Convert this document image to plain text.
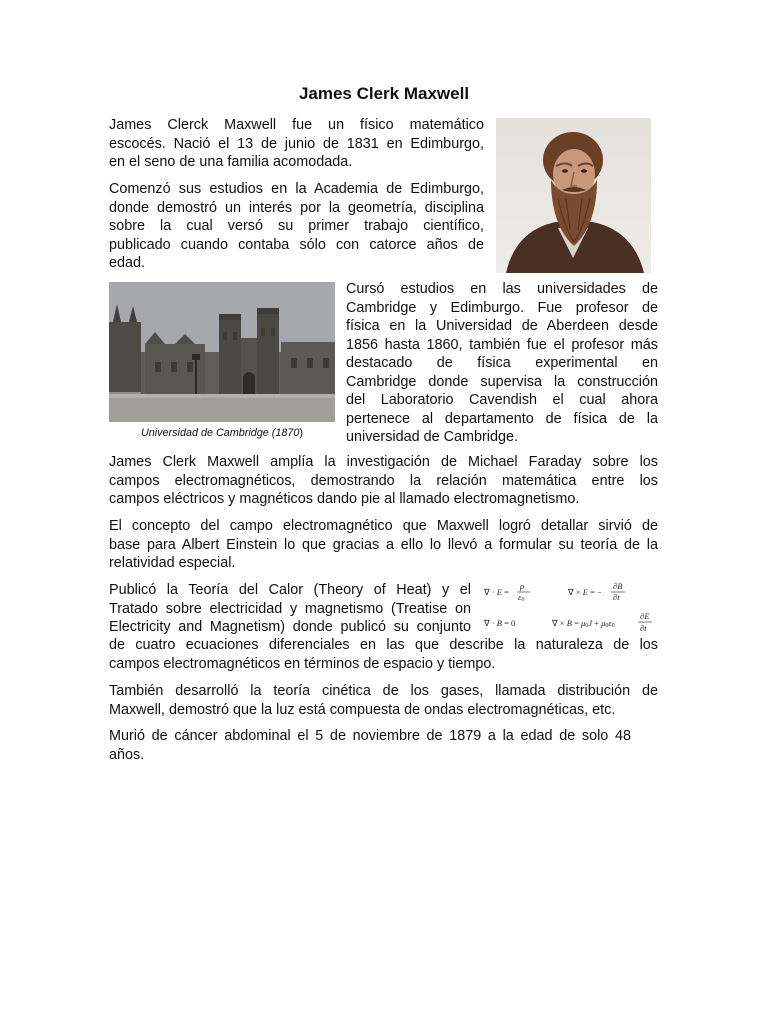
James Clerk Maxwell

James Clerck Maxwell fue un físico matemático
escocés. Nació el 13 de junio de 1831 en Edimburgo,
en el seno de una familia acomodada.

Comenzó sus estudios en la Academia de Edimburgo,
donde demostró un interés por la geometría, disciplina
sobre la cual versó su primer trabajo científico,
publicado cuando contaba sólo con catorce años de
edad.

Universidad de Cambridge (1870)

Cursó estudios en las universidades de
Cambridge y Edimburgo. Fue profesor de
física en la Universidad de Aberdeen desde
1856 hasta 1860, también fue el profesor más
destacado de física experimental en
Cambridge donde supervisa la construcción
del Laboratorio Cavendish el cual ahora
pertenece al departamento de física de la
universidad de Cambridge.

James Clerk Maxwell amplía la investigación de Michael Faraday sobre los
campos electromagnéticos, demostrando la relación matemática entre los
campos eléctricos y magnéticos dando pie al llamado electromagnetismo.

El concepto del campo electromagnético que Maxwell logró detallar sirvió de
base para Albert Einstein lo que gracias a ello lo llevó a formular su teoría de la
relatividad especial.

Publicó la Teoría del Calor (Theory of Heat) y el
Tratado sobre electricidad y magnetismo (Treatise on
Electricity and Magnetism) donde publicó su conjunto

de cuatro ecuaciones diferenciales en las que describe la naturaleza de los
campos electromagnéticos en términos de espacio y tiempo.

∇ · E =
ρ
ε0
∇ × E = −
∂B
∂t
∇ · B = 0	∇ × B = μ0J + μ0ε0
∂E
∂t

También desarrolló la teoría cinética de los gases, llamada distribución de
Maxwell, demostró que la luz está compuesta de ondas electromagnéticas, etc.

Murió de cáncer abdominal el 5 de noviembre de 1879 a la edad de solo 48
años.
